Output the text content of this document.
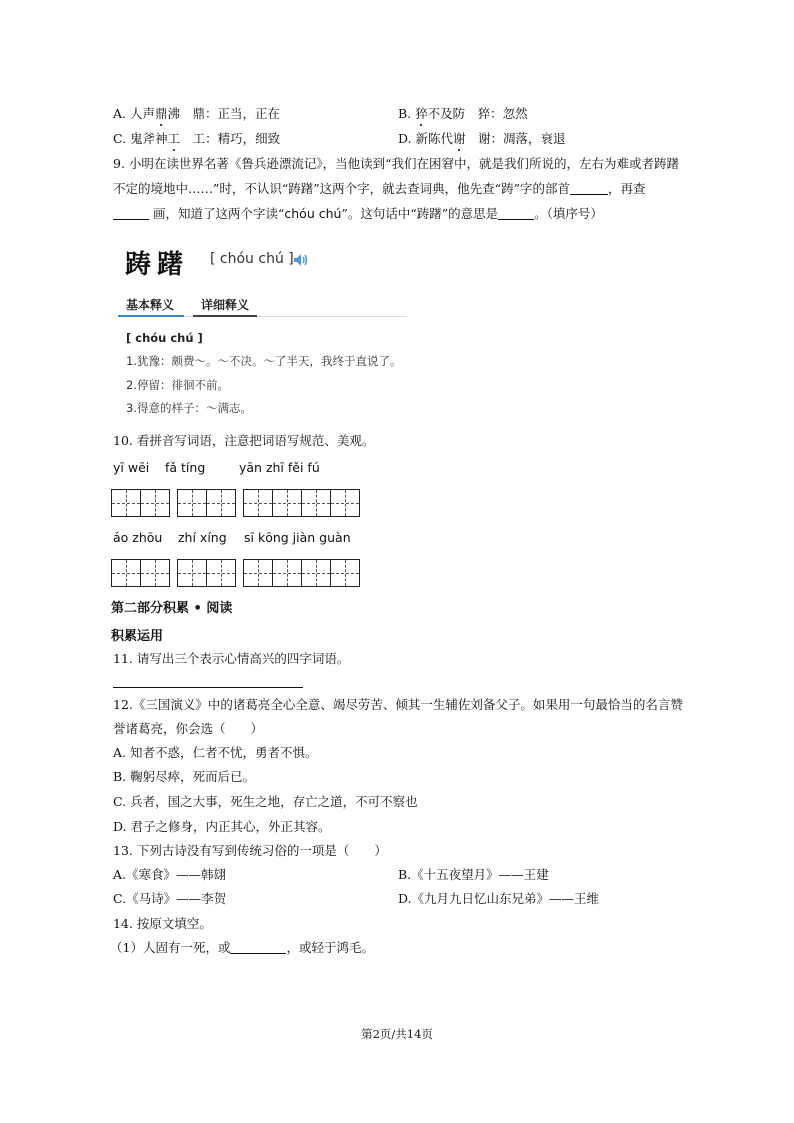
A. 人声鼎沸　鼎：正当，正在	B. 猝不及防　猝：忽然
C. 鬼斧神工　工：精巧，细致	D. 新陈代谢　谢：凋落，衰退
9. 小明在读世界名著《鲁兵逊漂流记》，当他读到“我们在困窘中，就是我们所说的，左右为难或者踌躇
不定的境地中……”时，不认识“踌躇”这两个字，就去查词典，他先查“踌”字的部首	，再查
画，知道了这两个字读“chóu chú”。这句话中“踌躇”的意思是	。（填序号）
踌躇 [ chóu chú ]
基本释义 详细释义
[ chóu chú ]
1.犹豫：颇费～。～不决。～了半天，我终于直说了。
2.停留：徘徊不前。
3.得意的样子：～满志。
10. 看拼音写词语，注意把词语写规范、美观。
yī wēi fǎ tíng	yān zhī fěi fú
áo zhōu zhí xíng sī kōng jiàn guàn
第二部分积累 • 阅读
积累运用
11. 请写出三个表示心情高兴的四字词语。
12.《三国演义》中的诸葛亮全心全意、竭尽劳苦、倾其一生辅佐刘备父子。如果用一句最恰当的名言赞
誉诸葛亮，你会选（　　）
A. 知者不惑，仁者不忧，勇者不惧。
B. 鞠躬尽瘁，死而后已。
C. 兵者，国之大事，死生之地，存亡之道，不可不察也
D. 君子之修身，内正其心，外正其容。
13. 下列古诗没有写到传统习俗的一项是（　　）
A.《寒食》——韩翃	B.《十五夜望月》——王建
C.《马诗》——李贺	D.《九月九日忆山东兄弟》——王维
14. 按原文填空。
（1）人固有一死，或	，或轻于鸿毛。
第2页/共14页
